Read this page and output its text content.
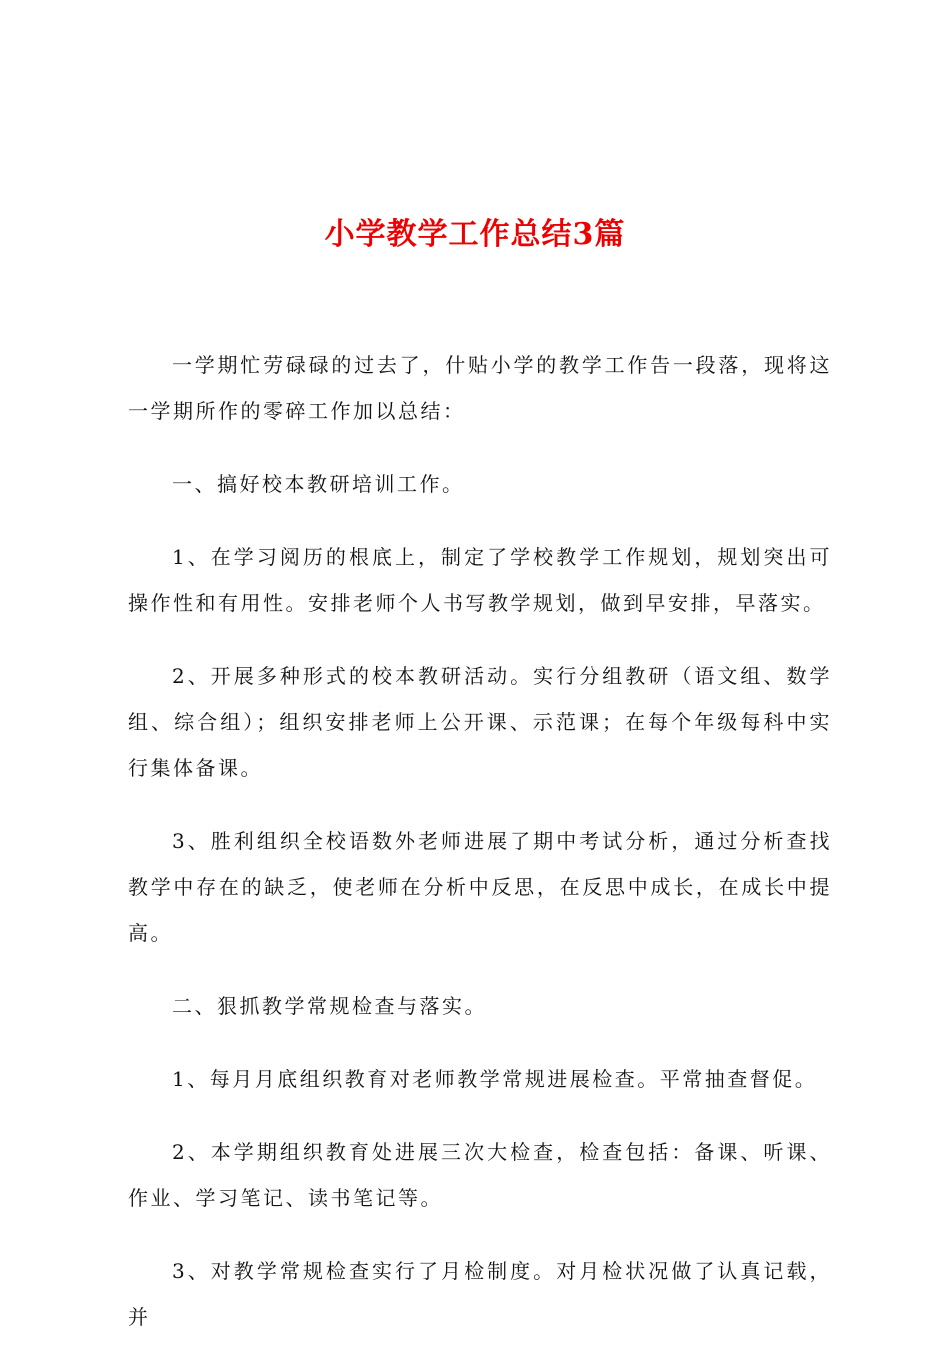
小学教学工作总结3篇

一学期忙劳碌碌的过去了，什贴小学的教学工作告一段落，现将这一学期所作的零碎工作加以总结：

一、搞好校本教研培训工作。

1、在学习阅历的根底上，制定了学校教学工作规划，规划突出可操作性和有用性。安排老师个人书写教学规划，做到早安排，早落实。

2、开展多种形式的校本教研活动。实行分组教研（语文组、数学组、综合组）；组织安排老师上公开课、示范课；在每个年级每科中实行集体备课。

3、胜利组织全校语数外老师进展了期中考试分析，通过分析查找教学中存在的缺乏，使老师在分析中反思，在反思中成长，在成长中提高。

二、狠抓教学常规检查与落实。

1、每月月底组织教育对老师教学常规进展检查。平常抽查督促。

2、本学期组织教育处进展三次大检查，检查包括：备课、听课、作业、学习笔记、读书笔记等。

3、对教学常规检查实行了月检制度。对月检状况做了认真记载，并
